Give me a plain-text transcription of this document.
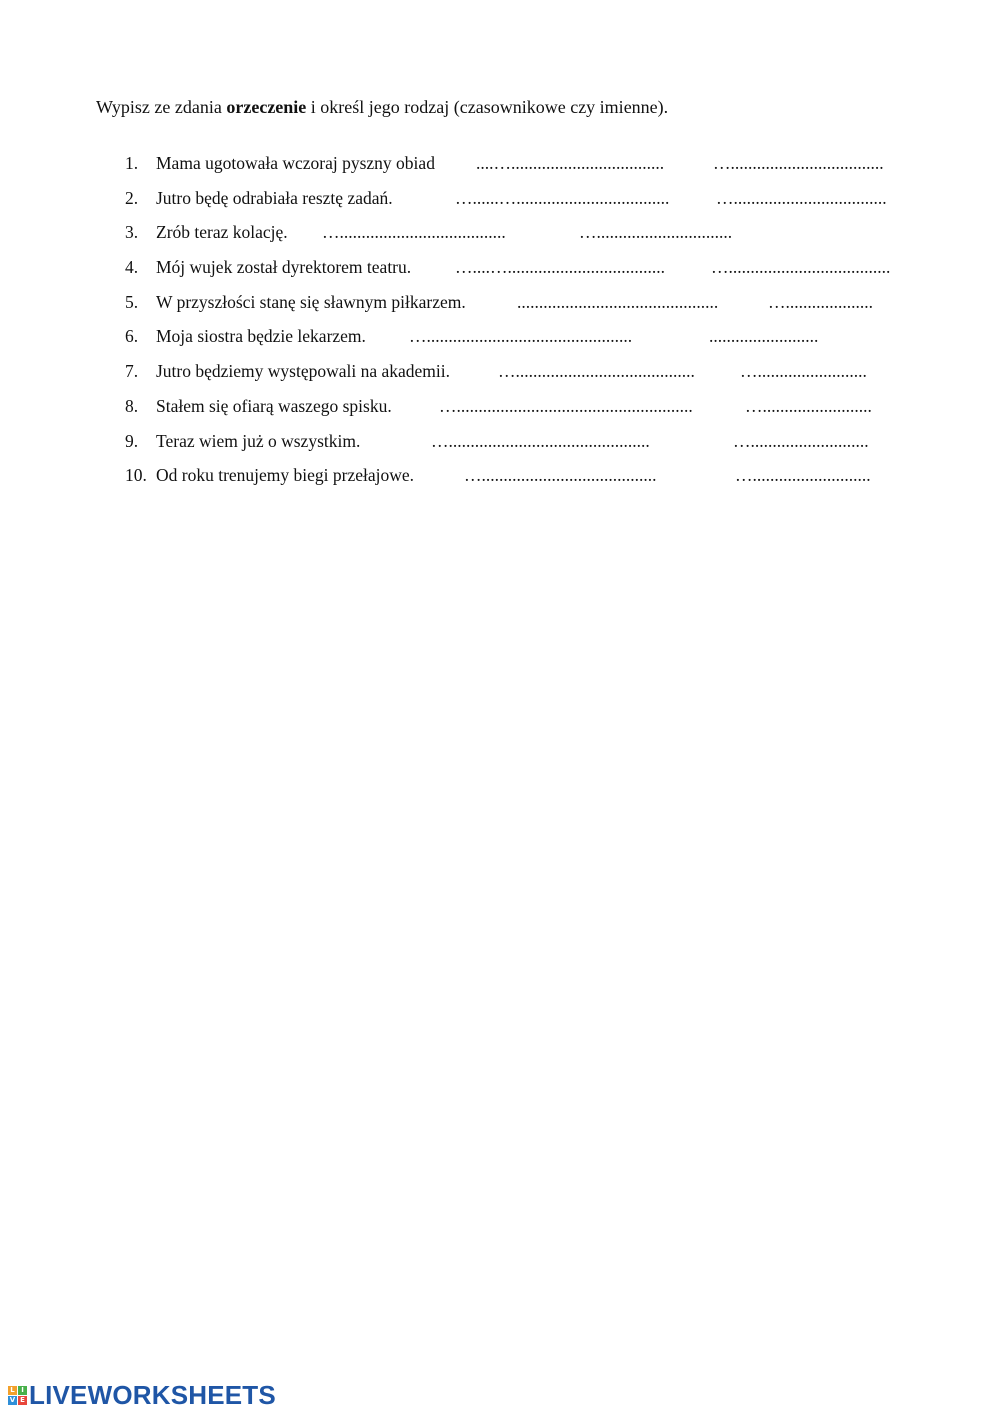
Wypisz ze zdania orzeczenie i określ jego rodzaj (czasownikowe czy imienne).
1. Mama ugotowała wczoraj pyszny obiad ....…...................................	…...................................
2. Jutro będę odrabiała resztę zadań.	…......…...................................	…...................................
3. Zrób teraz kolację. …......................................	…...............................
4. Mój wujek został dyrektorem teatru.	…....…....................................	….....................................
5. W przyszłości stanę się sławnym piłkarzem.	..............................................	…....................
6. Moja siostra będzie lekarzem. …...............................................	.........................
7. Jutro będziemy występowali na akademii.	….........................................	….........................
8. Stałem się ofiarą waszego spisku.	…......................................................	….........................
9. Teraz wiem już o wszystkim.	…..............................................	…...........................
10. Od roku trenujemy biegi przełajowe.	…........................................	…...........................
L I
V E LIVEWORKSHEETS
